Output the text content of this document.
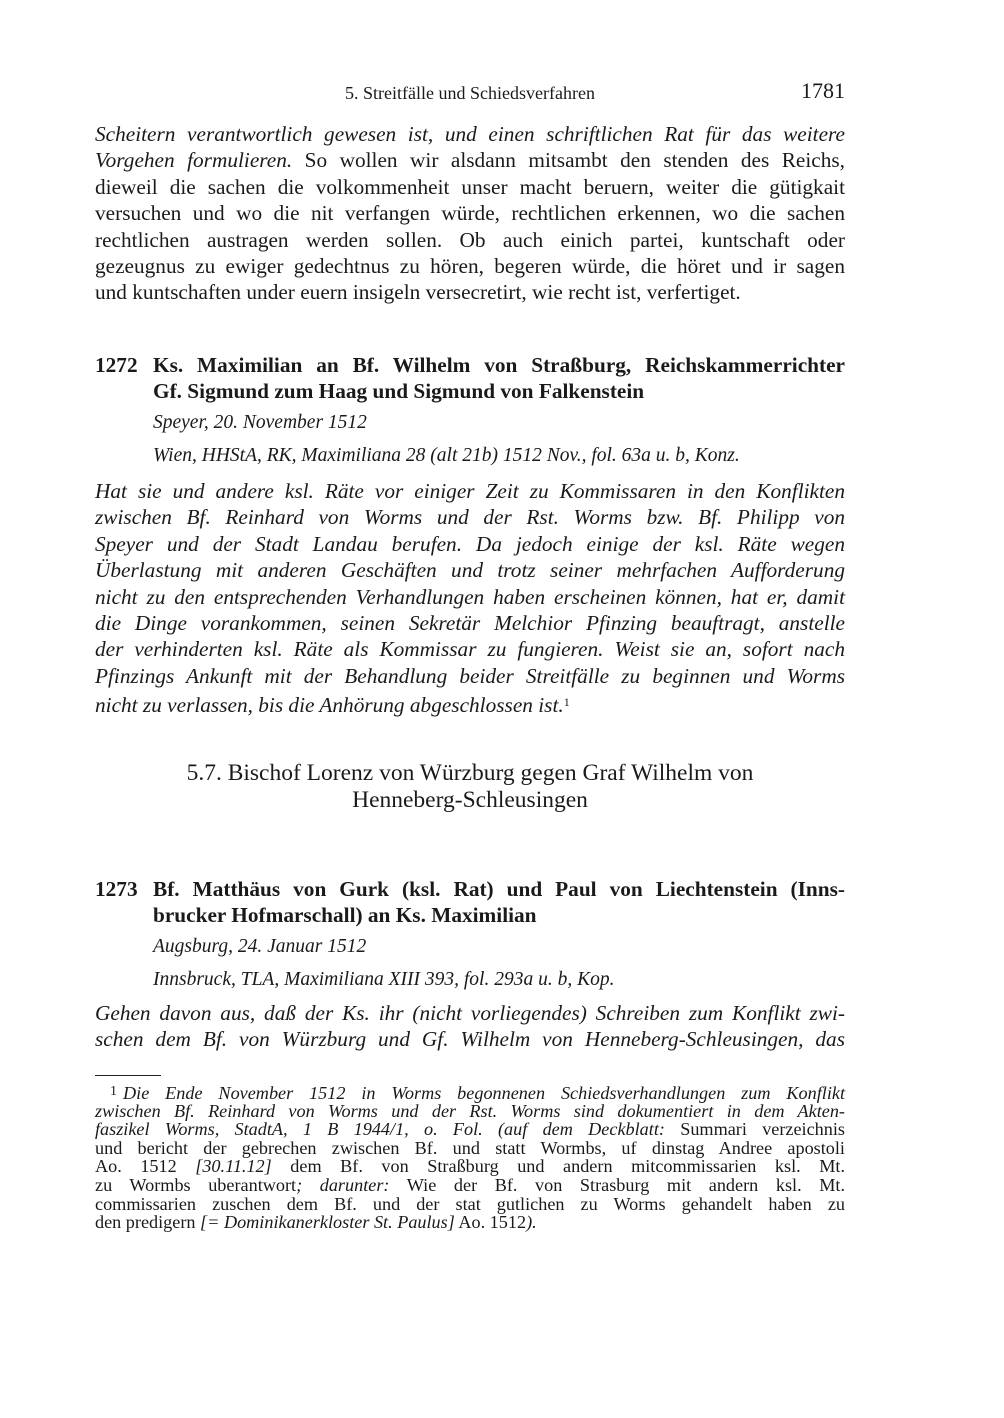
5. Streitfälle und Schiedsverfahren	1781
Scheitern verantwortlich gewesen ist, und einen schriftlichen Rat für das weitere
Vorgehen formulieren. So wollen wir alsdann mitsambt den stenden des Reichs,
dieweil die sachen die volkommenheit unser macht beruern, weiter die gütigkait
versuchen und wo die nit verfangen würde, rechtlichen erkennen, wo die sachen
rechtlichen austragen werden sollen. Ob auch einich partei, kuntschaft oder
gezeugnus zu ewiger gedechtnus zu hören, begeren würde, die höret und ir sagen
und kuntschaften under euern insigeln versecretirt, wie recht ist, verfertiget.
1272 Ks. Maximilian an Bf. Wilhelm von Straßburg, Reichskammerrichter
Gf. Sigmund zum Haag und Sigmund von Falkenstein
Speyer, 20. November 1512
Wien, HHStA, RK, Maximiliana 28 (alt 21b) 1512 Nov., fol. 63a u. b, Konz.
Hat sie und andere ksl. Räte vor einiger Zeit zu Kommissaren in den Konflikten
zwischen Bf. Reinhard von Worms und der Rst. Worms bzw. Bf. Philipp von
Speyer und der Stadt Landau berufen. Da jedoch einige der ksl. Räte wegen
Überlastung mit anderen Geschäften und trotz seiner mehrfachen Aufforderung
nicht zu den entsprechenden Verhandlungen haben erscheinen können, hat er, damit
die Dinge vorankommen, seinen Sekretär Melchior Pfinzing beauftragt, anstelle
der verhinderten ksl. Räte als Kommissar zu fungieren. Weist sie an, sofort nach
Pfinzings Ankunft mit der Behandlung beider Streitfälle zu beginnen und Worms
nicht zu verlassen, bis die Anhörung abgeschlossen ist.$^1$
5.7. Bischof Lorenz von Würzburg gegen Graf Wilhelm von
Henneberg-Schleusingen
1273 Bf. Matthäus von Gurk (ksl. Rat) und Paul von Liechtenstein (Inns-
brucker Hofmarschall) an Ks. Maximilian
Augsburg, 24. Januar 1512
Innsbruck, TLA, Maximiliana XIII 393, fol. 293a u. b, Kop.
Gehen davon aus, daß der Ks. ihr (nicht vorliegendes) Schreiben zum Konflikt zwi-
schen dem Bf. von Würzburg und Gf. Wilhelm von Henneberg-Schleusingen, das
$^1$ Die Ende November 1512 in Worms begonnenen Schiedsverhandlungen zum Konflikt
zwischen Bf. Reinhard von Worms und der Rst. Worms sind dokumentiert in dem Akten-
faszikel Worms, StadtA, 1 B 1944/1, o. Fol. (auf dem Deckblatt: Summari verzeichnis
und bericht der gebrechen zwischen Bf. und statt Wormbs, uf dinstag Andree apostoli
Ao. 1512 [30.11.12] dem Bf. von Straßburg und andern mitcommissarien ksl. Mt.
zu Wormbs uberantwort; darunter: Wie der Bf. von Strasburg mit andern ksl. Mt.
commissarien zuschen dem Bf. und der stat gutlichen zu Worms gehandelt haben zu
den predigern [= Dominikanerkloster St. Paulus] Ao. 1512).
